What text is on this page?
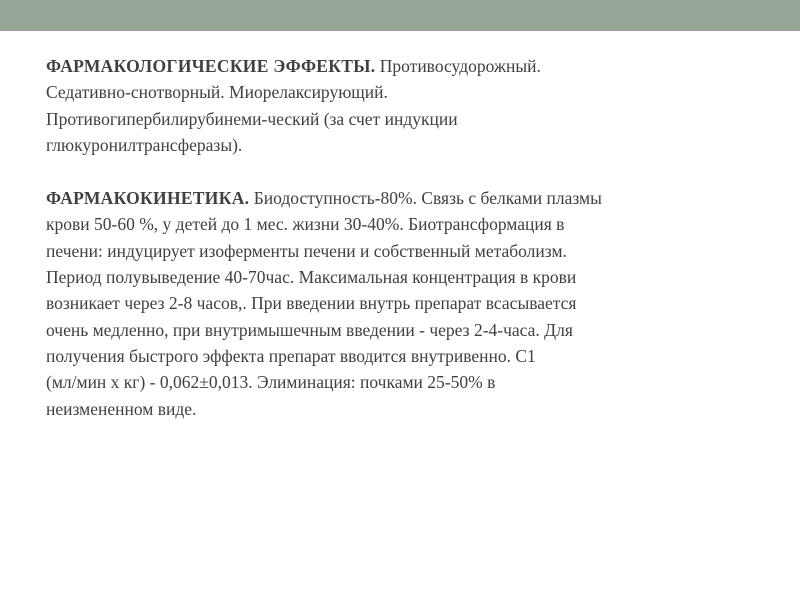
ФАРМАКОЛОГИЧЕСКИЕ ЭФФЕКТЫ. Противосудорожный.
Седативно-снотворный. Миорелаксирующий.
Противогипербилирубинеми-ческий (за счет индукции
глюкуронилтрансферазы).

ФАРМАКОКИНЕТИКА. Биодоступность-80%. Связь с белками плазмы
крови 50-60 %, у детей до 1 мес. жизни 30-40%. Биотрансформация в
печени: индуцирует изоферменты печени и собственный метаболизм.
Период полувыведение 40-70час. Максимальная концентрация в крови
возникает через 2-8 часов,. При введении внутрь препарат всасывается
очень медленно, при внутримышечным введении - через 2-4-часа. Для
получения быстрого эффекта препарат вводится внутривенно. С1
(мл/мин х кг) - 0,062±0,013. Элиминация: почками 25-50% в
неизмененном виде.
